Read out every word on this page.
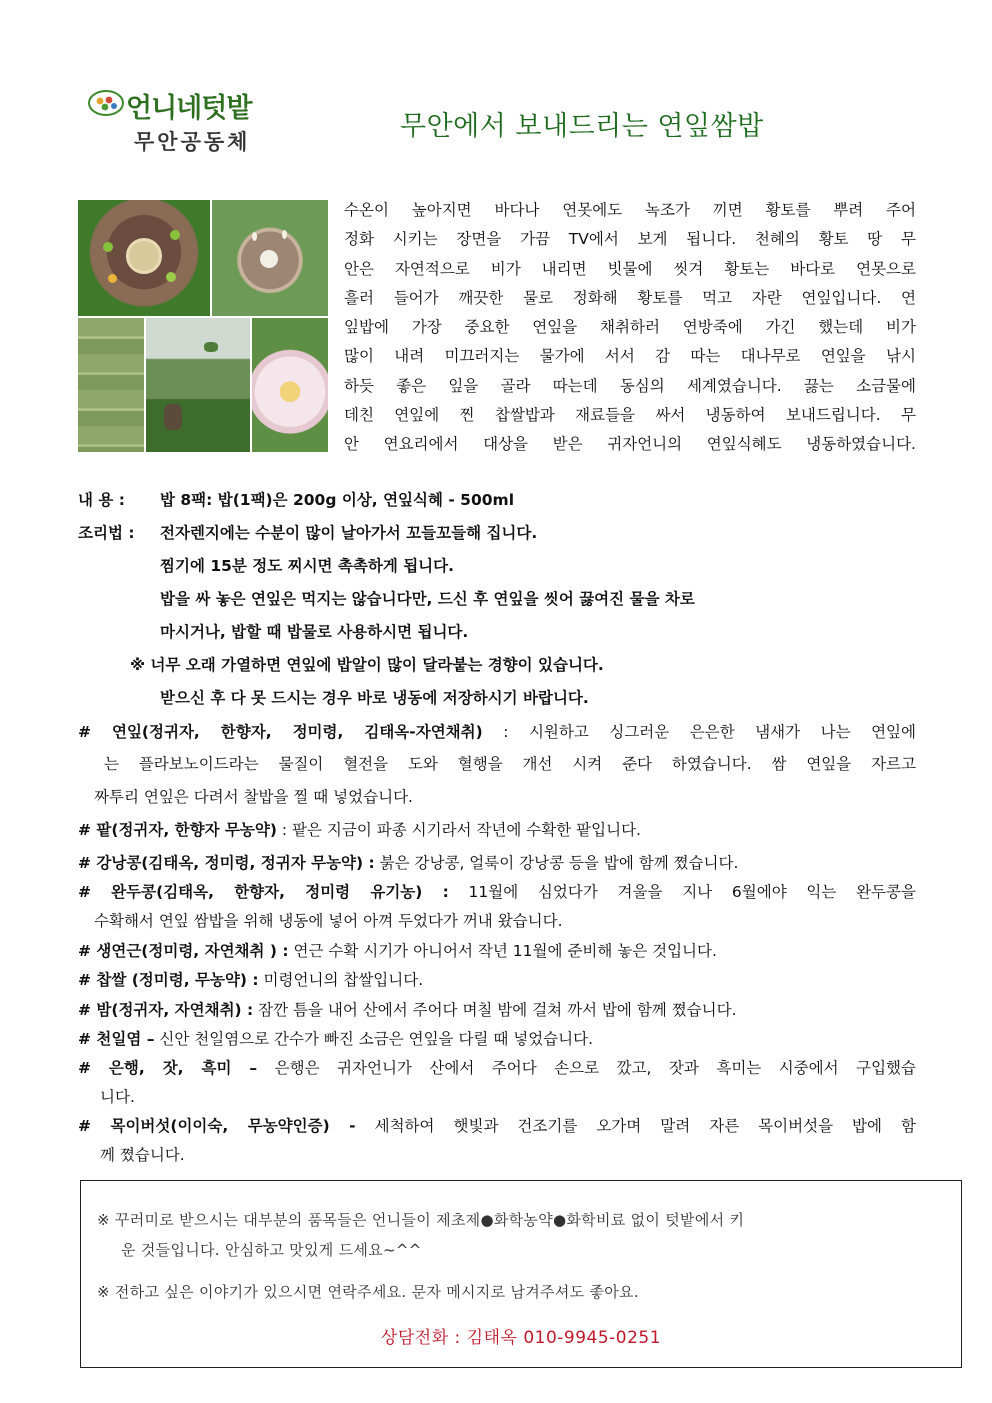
언니네텃밭
무안공동체	무안에서 보내드리는 연잎쌈밥
수온이 높아지면 바다나 연못에도 녹조가 끼면 황토를 뿌려 주어
정화 시키는 장면을 가끔 TV에서 보게 됩니다. 천혜의 황토 땅 무
안은 자연적으로 비가 내리면 빗물에 씻겨 황토는 바다로 연못으로
흘러 들어가 깨끗한 물로 정화해 황토를 먹고 자란 연잎입니다. 연
잎밥에 가장 중요한 연잎을 채취하러 연방죽에 가긴 했는데 비가
많이 내려 미끄러지는 물가에 서서 감 따는 대나무로 연잎을 낚시
하듯 좋은 잎을 골라 따는데 동심의 세계였습니다. 끓는 소금물에
데친 연잎에 찐 찹쌀밥과 재료들을 싸서 냉동하여 보내드립니다. 무
안 연요리에서 대상을 받은 귀자언니의 연잎식혜도 냉동하였습니다.
내 용 : 밥 8팩: 밥(1팩)은 200g 이상, 연잎식혜 - 500ml
조리법 : 전자렌지에는 수분이 많이 날아가서 꼬들꼬들해 집니다.
찜기에 15분 정도 찌시면 촉촉하게 됩니다.
밥을 싸 놓은 연잎은 먹지는 않습니다만, 드신 후 연잎을 씻어 끓여진 물을 차로
마시거나, 밥할 때 밥물로 사용하시면 됩니다.
※ 너무 오래 가열하면 연잎에 밥알이 많이 달라붙는 경향이 있습니다.
받으신 후 다 못 드시는 경우 바로 냉동에 저장하시기 바랍니다.
# 연잎(정귀자, 한향자, 정미령, 김태옥-자연채취) : 시원하고 싱그러운 은은한 냄새가 나는 연잎에
는 플라보노이드라는 물질이 혈전을 도와 혈행을 개선 시켜 준다 하였습니다. 쌈 연잎을 자르고
짜투리 연잎은 다려서 찰밥을 찔 때 넣었습니다.
# 팥(정귀자, 한향자 무농약) : 팥은 지금이 파종 시기라서 작년에 수확한 팥입니다.
# 강낭콩(김태옥, 정미령, 정귀자 무농약) : 붉은 강낭콩, 얼룩이 강낭콩 등을 밥에 함께 쪘습니다.
# 완두콩(김태옥, 한향자, 정미령 유기농) : 11월에 심었다가 겨울을 지나 6월에야 익는 완두콩을
수확해서 연잎 쌈밥을 위해 냉동에 넣어 아껴 두었다가 꺼내 왔습니다.
# 생연근(정미령, 자연채취 ) : 연근 수확 시기가 아니어서 작년 11월에 준비해 놓은 것입니다.
# 찹쌀 (정미령, 무농약) : 미령언니의 찹쌀입니다.
# 밤(정귀자, 자연채취) : 잠깐 틈을 내어 산에서 주어다 며칠 밤에 걸쳐 까서 밥에 함께 쪘습니다.
# 천일염 – 신안 천일염으로 간수가 빠진 소금은 연잎을 다릴 때 넣었습니다.
# 은행, 잣, 흑미 – 은행은 귀자언니가 산에서 주어다 손으로 깠고, 잣과 흑미는 시중에서 구입했습
니다.
# 목이버섯(이이숙, 무농약인증) - 세척하여 햇빛과 건조기를 오가며 말려 자른 목이버섯을 밥에 함
께 쪘습니다.
※ 꾸러미로 받으시는 대부분의 품목들은 언니들이 제초제●화학농약●화학비료 없이 텃밭에서 키
운 것들입니다. 안심하고 맛있게 드세요~^^
※ 전하고 싶은 이야기가 있으시면 연락주세요. 문자 메시지로 남겨주셔도 좋아요.
상담전화 : 김태옥 010-9945-0251
